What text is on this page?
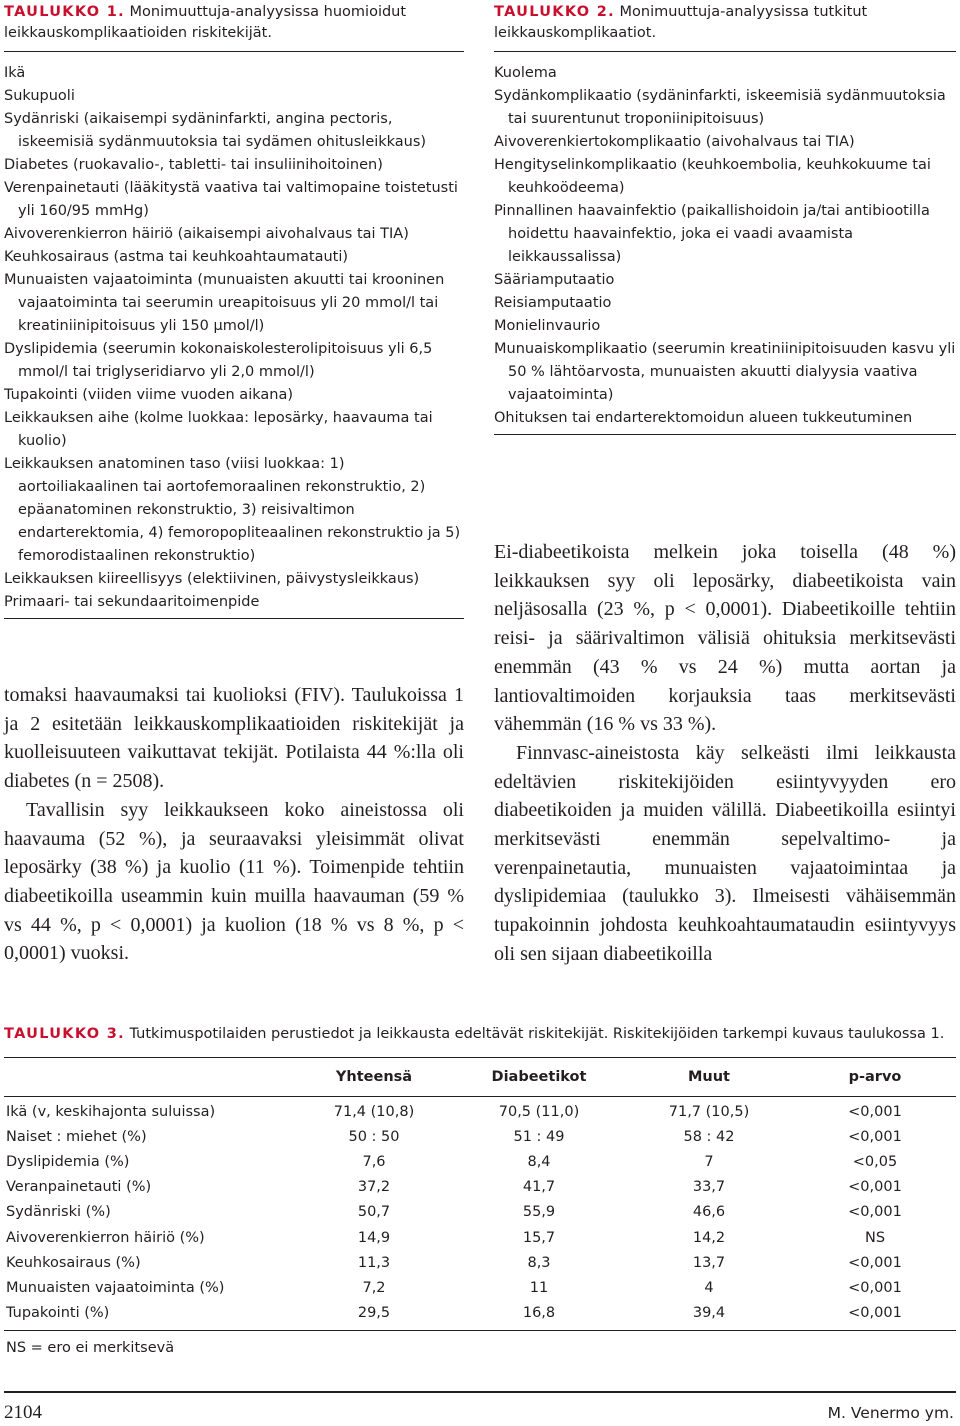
TAULUKKO 1. Monimuuttuja-analyysissa huomioidut leikkauskomplikaatioiden riskitekijät.
Ikä
Sukupuoli
Sydänriski (aikaisempi sydäninfarkti, angina pectoris, iskeemisiä sydänmuutoksia tai sydämen ohitusleikkaus)
Diabetes (ruokavalio-, tabletti- tai insuliinihoitoinen)
Verenpainetauti (lääkitystä vaativa tai valtimopaine toistetusti yli 160/95 mmHg)
Aivoverenkierron häiriö (aikaisempi aivohalvaus tai TIA)
Keuhkosairaus (astma tai keuhkoahtaumatauti)
Munuaisten vajaatoiminta (munuaisten akuutti tai krooninen vajaatoiminta tai seerumin ureapitoisuus yli 20 mmol/l tai kreatiniinipitoisuus yli 150 µmol/l)
Dyslipidemia (seerumin kokonaiskolesterolipitoisuus yli 6,5 mmol/l tai triglyseridiarvo yli 2,0 mmol/l)
Tupakointi (viiden viime vuoden aikana)
Leikkauksen aihe (kolme luokkaa: leposärky, haavauma tai kuolio)
Leikkauksen anatominen taso (viisi luokkaa: 1) aortoiliakaalinen tai aortofemoraalinen rekonstruktio, 2) epäanatominen rekonstruktio, 3) reisivaltimon endarterektomia, 4) femoropopliteaalinen rekonstruktio ja 5) femorodistaalinen rekonstruktio)
Leikkauksen kiireellisyys (elektiivinen, päivystysleikkaus)
Primaari- tai sekundaaritoimenpide
TAULUKKO 2. Monimuuttuja-analyysissa tutkitut leikkauskomplikaatiot.
Kuolema
Sydänkomplikaatio (sydäninfarkti, iskeemisiä sydänmuutoksia tai suurentunut troponiinipitoisuus)
Aivoverenkiertokomplikaatio (aivohalvaus tai TIA)
Hengityselinkomplikaatio (keuhkoembolia, keuhkokuume tai keuhkoödeema)
Pinnallinen haavainfektio (paikallishoidoin ja/tai antibiootilla hoidettu haavainfektio, joka ei vaadi avaamista leikkaussalissa)
Sääriamputaatio
Reisiamputaatio
Monielinvaurio
Munuaiskomplikaatio (seerumin kreatiniinipitoisuuden kasvu yli 50 % lähtöarvosta, munuaisten akuutti dialyysia vaativa vajaatoiminta)
Ohituksen tai endarterektomoidun alueen tukkeutuminen

tomaksi haavaumaksi tai kuolioksi (FIV). Taulukoissa 1 ja 2 esitetään leikkauskomplikaatioiden riskitekijät ja kuolleisuuteen vaikuttavat tekijät. Potilaista 44 %:lla oli diabetes (n = 2508).

Tavallisin syy leikkaukseen koko aineistossa oli haavauma (52 %), ja seuraavaksi yleisimmät olivat leposärky (38 %) ja kuolio (11 %). Toimenpide tehtiin diabeetikoilla useammin kuin muilla haavauman (59 % vs 44 %, p < 0,0001) ja kuolion (18 % vs 8 %, p < 0,0001) vuoksi.

Ei-diabeetikoista melkein joka toisella (48 %) leikkauksen syy oli leposärky, diabeetikoista vain neljäsosalla (23 %, p < 0,0001). Diabeetikoille tehtiin reisi- ja säärivaltimon välisiä ohituksia merkitsevästi enemmän (43 % vs 24 %) mutta aortan ja lantiovaltimoiden korjauksia taas merkitsevästi vähemmän (16 % vs 33 %).

Finnvasc-aineistosta käy selkeästi ilmi leikkausta edeltävien riskitekijöiden esiintyvyyden ero diabeetikoiden ja muiden välillä. Diabeetikoilla esiintyi merkitsevästi enemmän sepelvaltimo- ja verenpainetautia, munuaisten vajaatoimintaa ja dyslipidemiaa (taulukko 3). Ilmeisesti vähäisemmän tupakoinnin johdosta keuhkoahtaumataudin esiintyvyys oli sen sijaan diabeetikoilla

TAULUKKO 3. Tutkimuspotilaiden perustiedot ja leikkausta edeltävät riskitekijät. Riskitekijöiden tarkempi kuvaus taulukossa 1.
	Yhteensä	Diabeetikot	Muut	p-arvo

Ikä (v, keskihajonta suluissa)	71,4 (10,8)	70,5 (11,0)	71,7 (10,5)	<0,001
Naiset : miehet (%)	50 : 50	51 : 49	58 : 42	<0,001
Dyslipidemia (%)	7,6	8,4	7	<0,05
Veranpainetauti (%)	37,2	41,7	33,7	<0,001
Sydänriski (%)	50,7	55,9	46,6	<0,001
Aivoverenkierron häiriö (%)	14,9	15,7	14,2	NS
Keuhkosairaus (%)	11,3	8,3	13,7	<0,001
Munuaisten vajaatoiminta (%)	7,2	11	4	<0,001
Tupakointi (%)	29,5	16,8	39,4	<0,001
NS = ero ei merkitsevä
2104	M. Venermo ym.
